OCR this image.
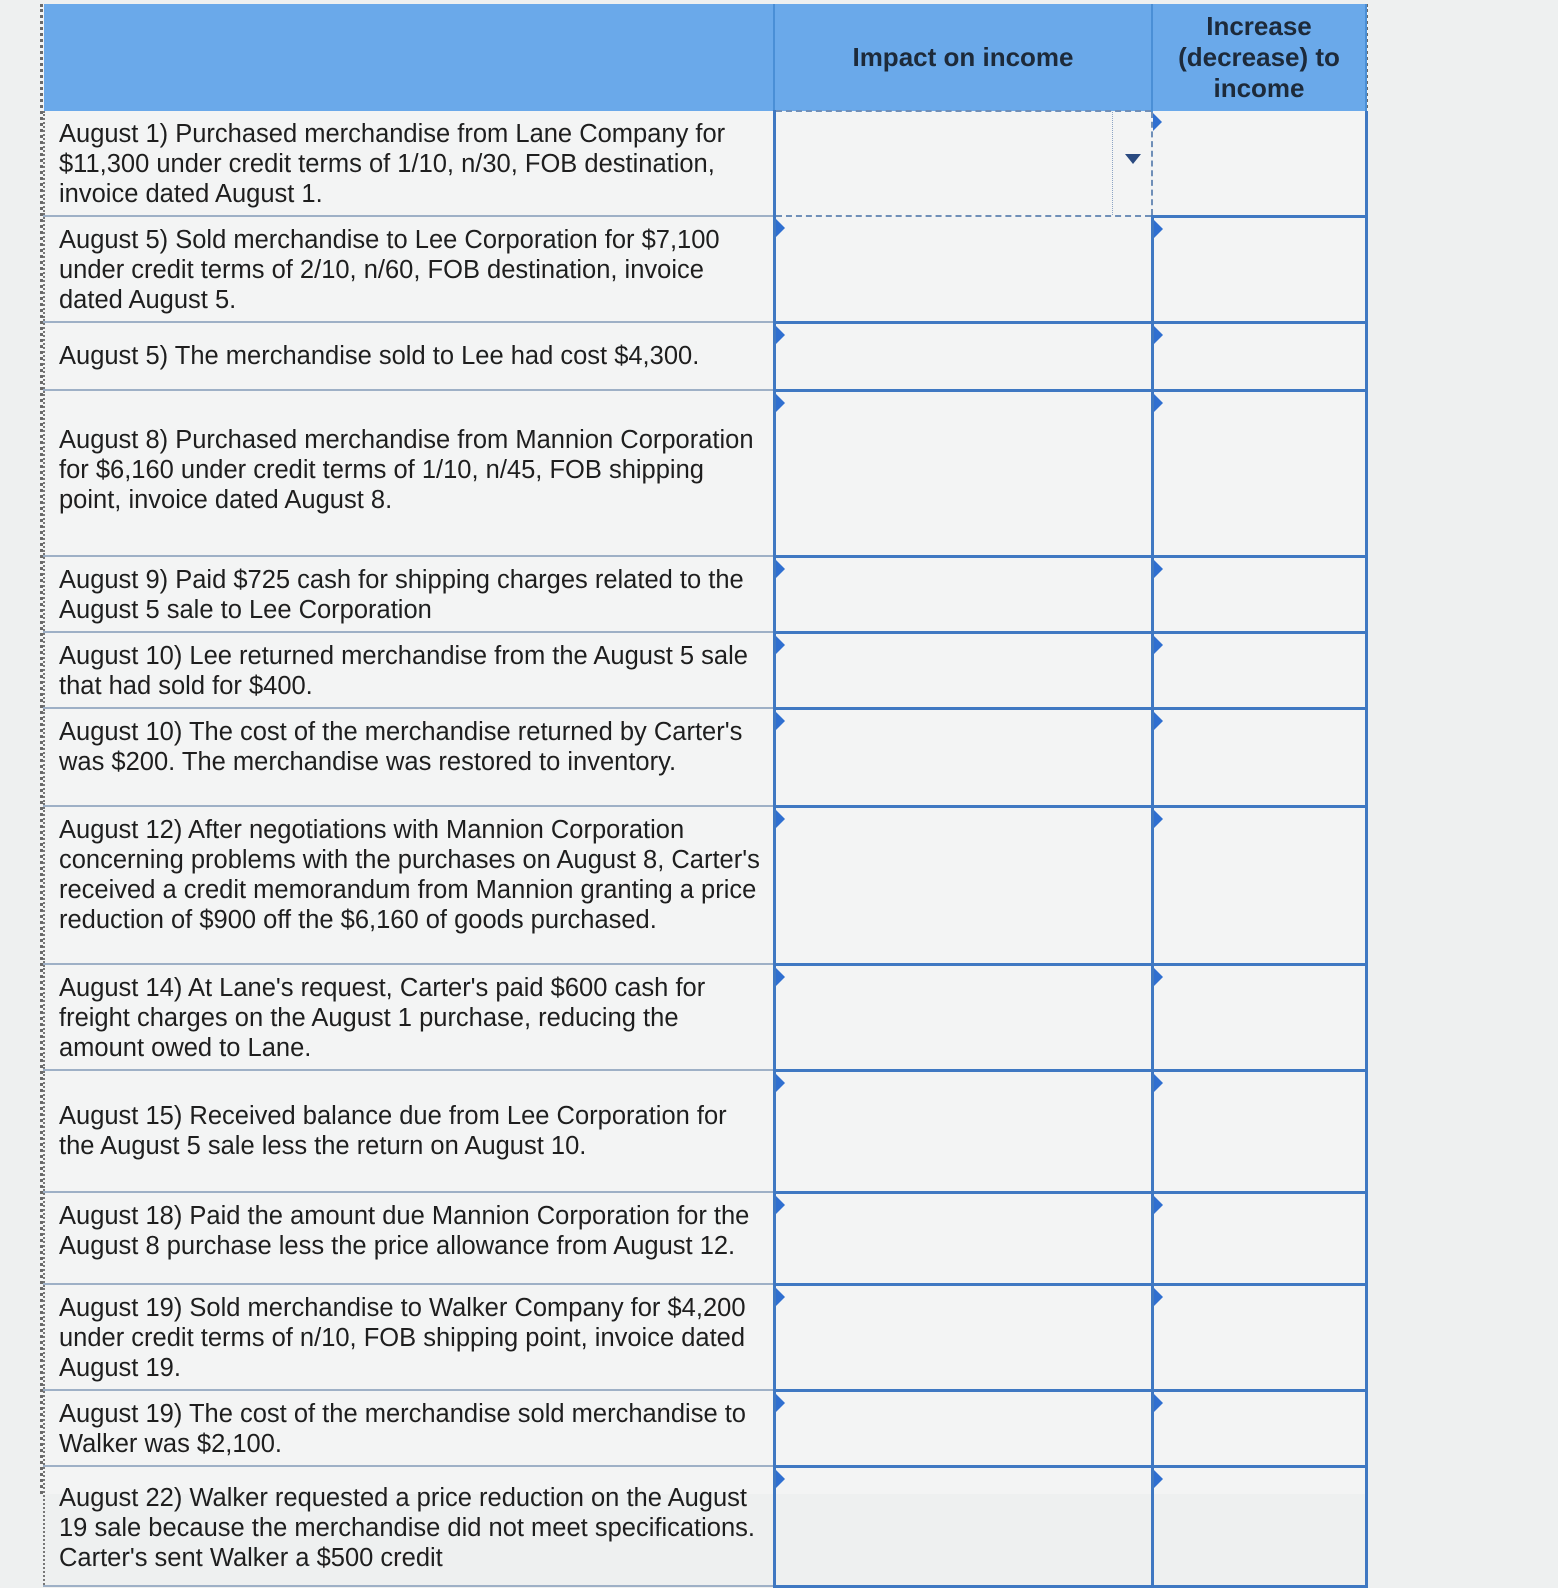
	Impact on income	Increase (decrease) to income
August 1) Purchased merchandise from Lane Company for $11,300 under credit terms of 1/10, n/30, FOB destination, invoice dated August 1.	

August 5) Sold merchandise to Lee Corporation for $7,100 under credit terms of 2/10, n/60, FOB destination, invoice dated August 5.	

August 5) The merchandise sold to Lee had cost $4,300.	

August 8) Purchased merchandise from Mannion Corporation for $6,160 under credit terms of 1/10, n/45, FOB shipping point, invoice dated August 8.	

August 9) Paid $725 cash for shipping charges related to the August 5 sale to Lee Corporation	

August 10) Lee returned merchandise from the August 5 sale that had sold for $400.	

August 10) The cost of the merchandise returned by Carter's was $200. The merchandise was restored to inventory.	

August 12) After negotiations with Mannion Corporation concerning problems with the purchases on August 8, Carter's received a credit memorandum from Mannion granting a price reduction of $900 off the $6,160 of goods purchased.	

August 14) At Lane's request, Carter's paid $600 cash for freight charges on the August 1 purchase, reducing the amount owed to Lane.	

August 15) Received balance due from Lee Corporation for the August 5 sale less the return on August 10.	

August 18) Paid the amount due Mannion Corporation for the August 8 purchase less the price allowance from August 12.	

August 19) Sold merchandise to Walker Company for $4,200 under credit terms of n/10, FOB shipping point, invoice dated August 19.	

August 19) The cost of the merchandise sold merchandise to Walker was $2,100.	

August 22) Walker requested a price reduction on the August 19 sale because the merchandise did not meet specifications. Carter's sent Walker a $500 credit	
